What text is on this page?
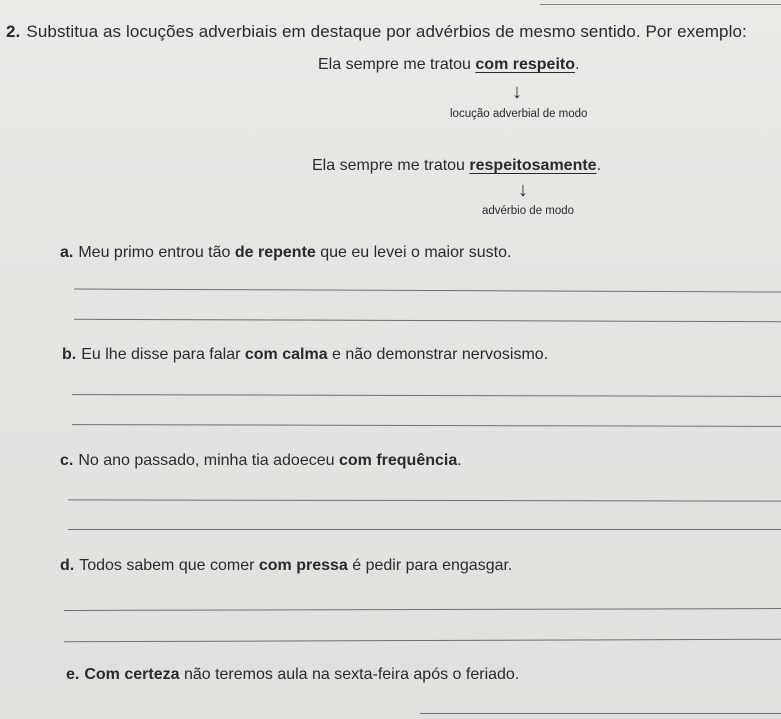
2. Substitua as locuções adverbiais em destaque por advérbios de mesmo sentido. Por exemplo:
Ela sempre me tratou com respeito.
↓
locução adverbial de modo
Ela sempre me tratou respeitosamente.
↓
advérbio de modo
a. Meu primo entrou tão de repente que eu levei o maior susto.
b. Eu lhe disse para falar com calma e não demonstrar nervosismo.
c. No ano passado, minha tia adoeceu com frequência.
d. Todos sabem que comer com pressa é pedir para engasgar.
e. Com certeza não teremos aula na sexta-feira após o feriado.
